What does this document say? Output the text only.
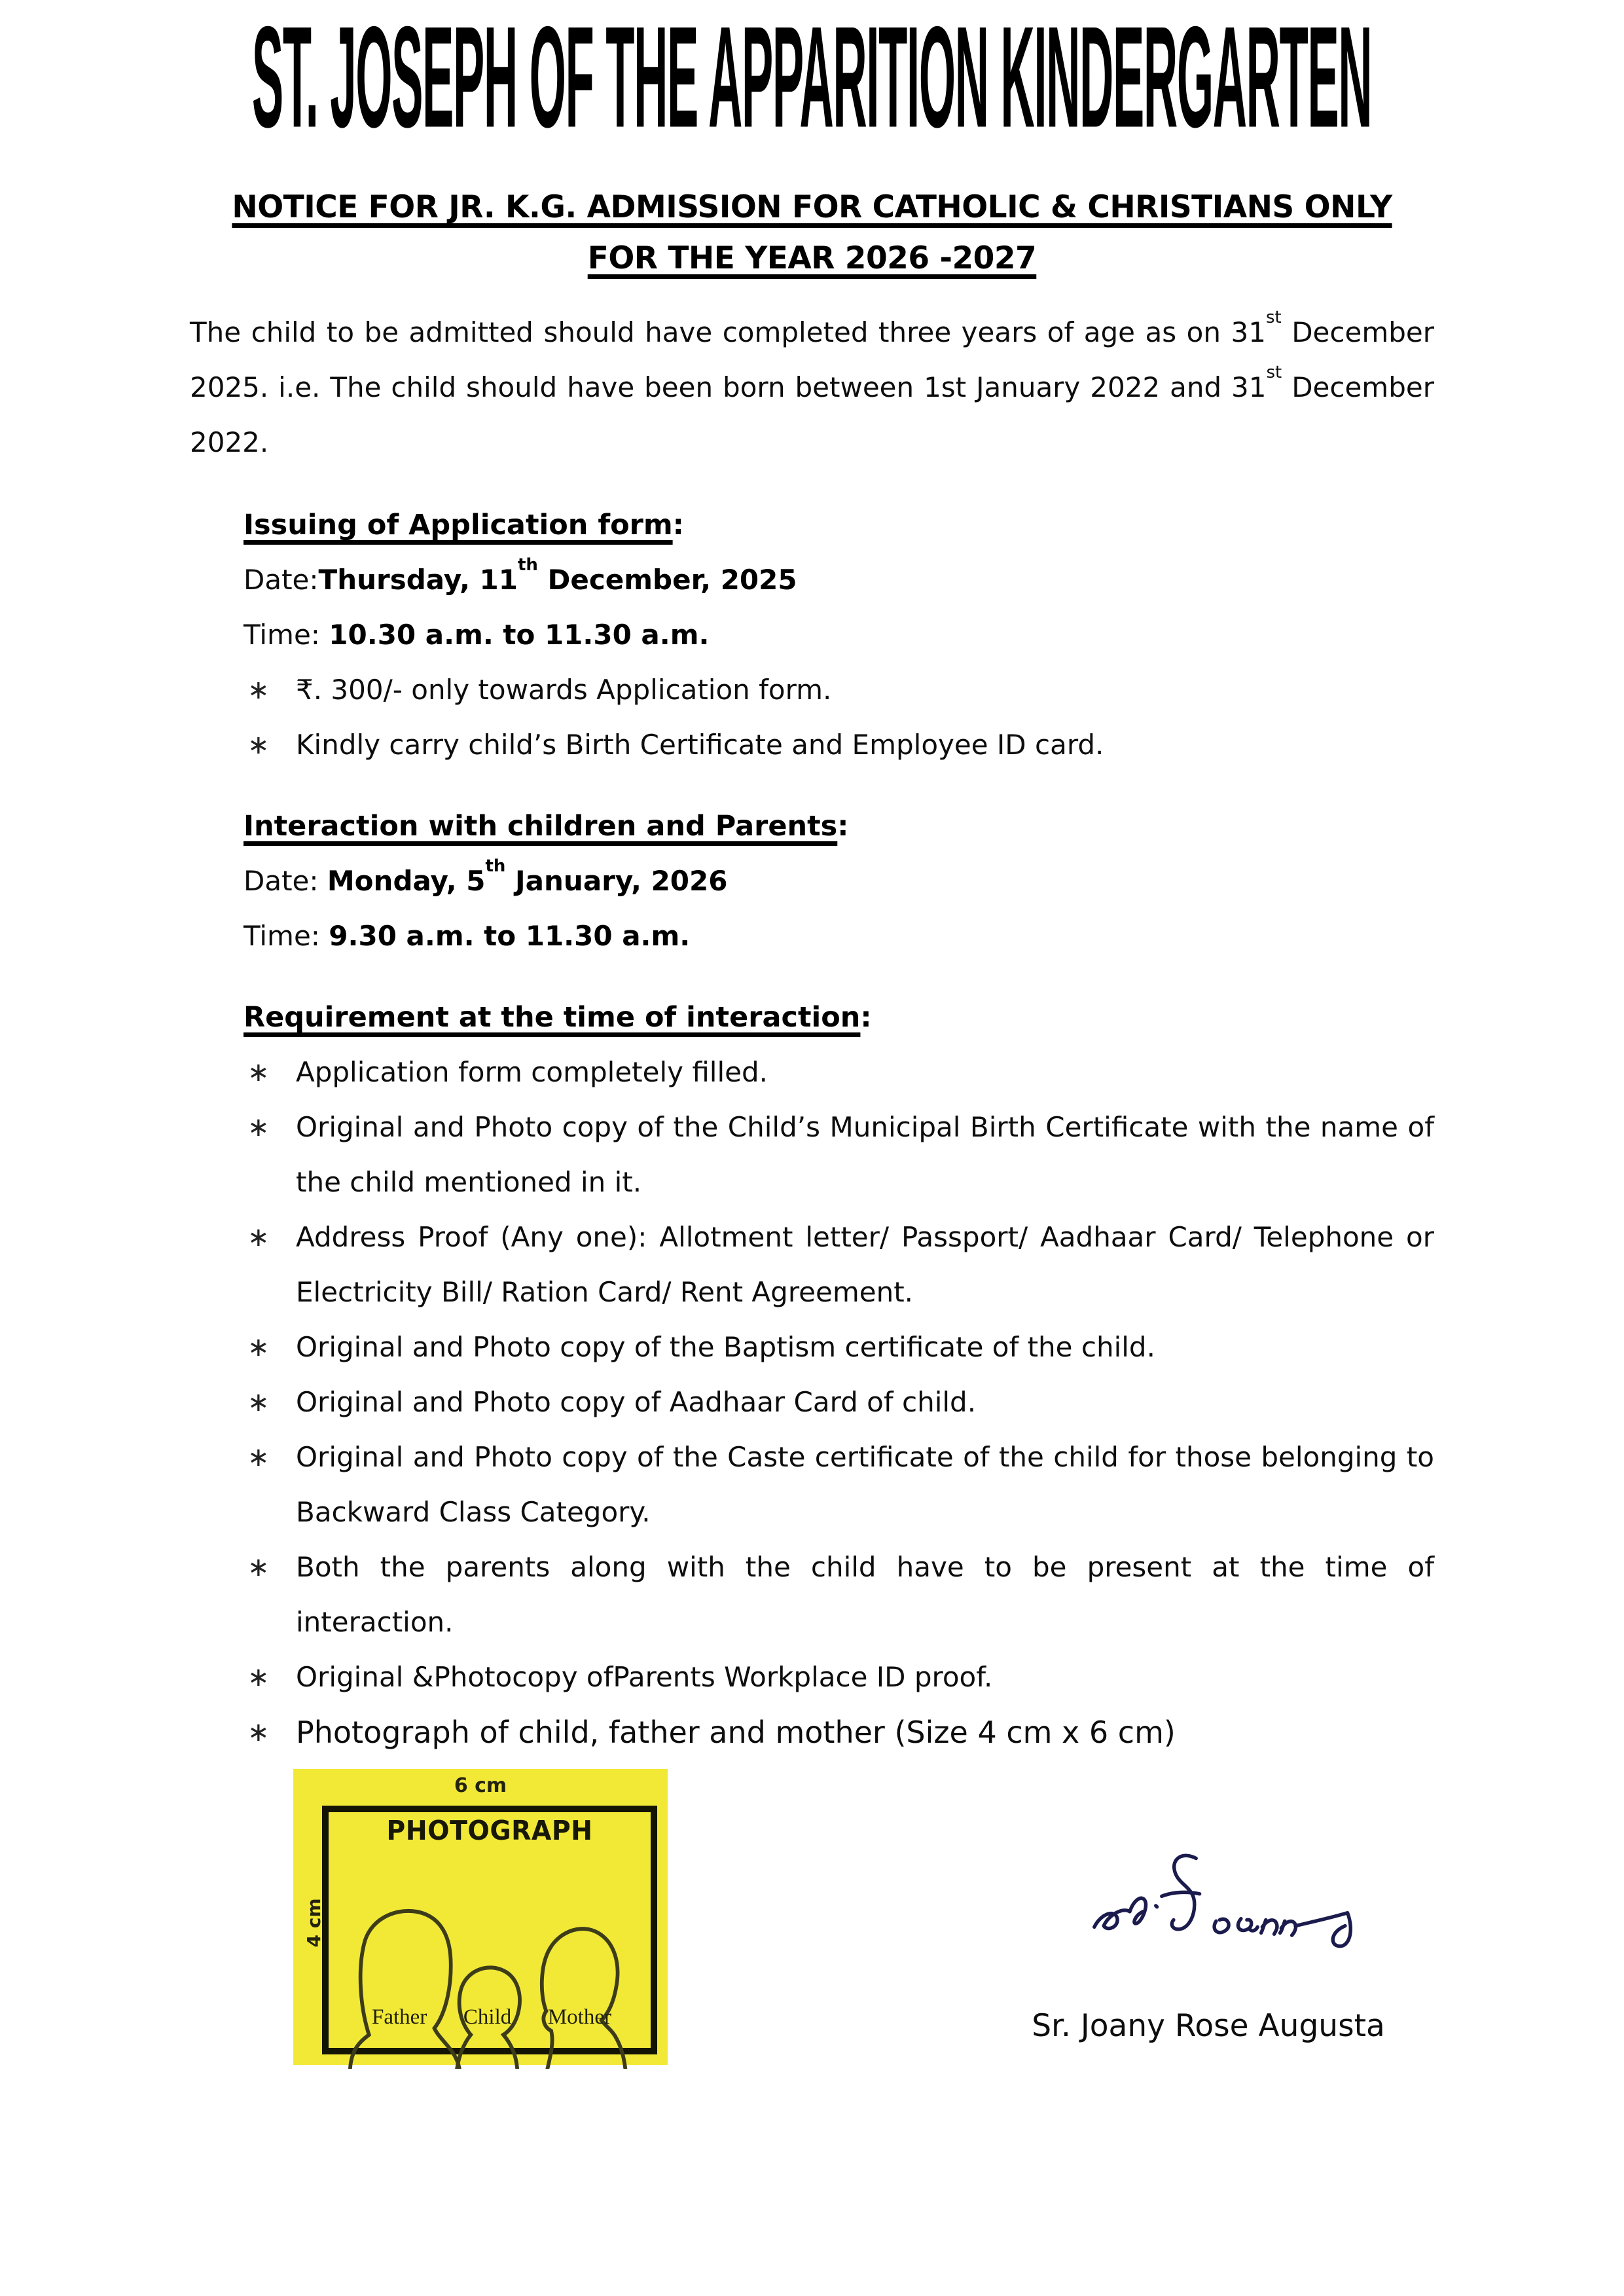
ST. JOSEPH OF THE APPARITION KINDERGARTEN
NOTICE FOR JR. K.G. ADMISSION FOR CATHOLIC & CHRISTIANS ONLY
FOR THE YEAR 2026 -2027

The child to be admitted should have completed three years of age as on 31st December 2025. i.e. The child should have been born between 1st January 2022 and 31st December 2022.

Issuing of Application form:
Date:Thursday, 11th December, 2025
Time: 10.30 a.m. to 11.30 a.m.
∗ ₹. 300/- only towards Application form.
∗ Kindly carry child’s Birth Certificate and Employee ID card.
Interaction with children and Parents:
Date: Monday, 5th January, 2026
Time: 9.30 a.m. to 11.30 a.m.
Requirement at the time of interaction:
∗ Application form completely filled.
∗ Original and Photo copy of the Child’s Municipal Birth Certificate with the name of the child mentioned in it.
∗ Address Proof (Any one): Allotment letter/ Passport/ Aadhaar Card/ Telephone or Electricity Bill/ Ration Card/ Rent Agreement.
∗ Original and Photo copy of the Baptism certificate of the child.
∗ Original and Photo copy of Aadhaar Card of child.
∗ Original and Photo copy of the Caste certificate of the child for those belonging to Backward Class Category.
∗ Both the parents along with the child have to be present at the time of interaction.
∗ Original &Photocopy ofParents Workplace ID proof.
∗ Photograph of child, father and mother (Size 4 cm x 6 cm)
6 cm
4 cm
PHOTOGRAPH
Father Child Mother	Sr. Joany Rose Augusta
